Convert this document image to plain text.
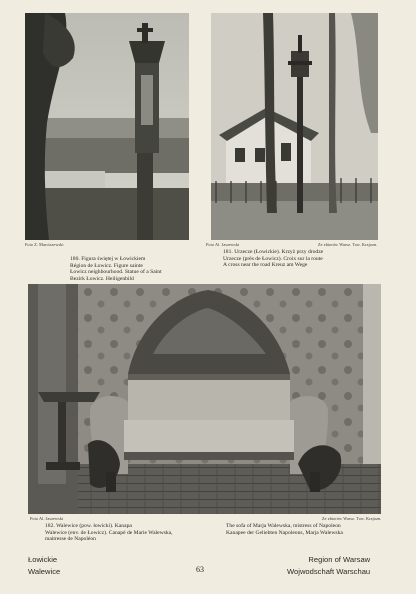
Foto Z. Marciszewski
180. Figura świętej w Łowickiem
Région de Łowicz. Figure sainte
Łowicz neighbourhood. Statue of a Saint
Bezirk Łowicz. Heiligenbild
Foto Al. Jaszewski	Ze zbiorów Warsz. Tow. Krajozn.
181. Urzecze (Łowickie). Krzyż przy drodze
Urzecze (près de Łowicz). Croix sur la route
A cross near the road Kreuz am Wege
Foto Al. Jaszewski	Ze zbiorów Warsz. Tow. Krajozn.
182. Walewice (pow. łowicki). Kanapa
Walewice (env. de Łowicz). Canapé de Marie Walewska,
maitresse de Napoléon
The sofa of Marja Walewska, mistress of Napoleon
Kanapee der Geliebten Napoleons, Marja Walewska
Łowickie
Walewice	63
Region of Warsaw
Wojwodschaft Warschau
